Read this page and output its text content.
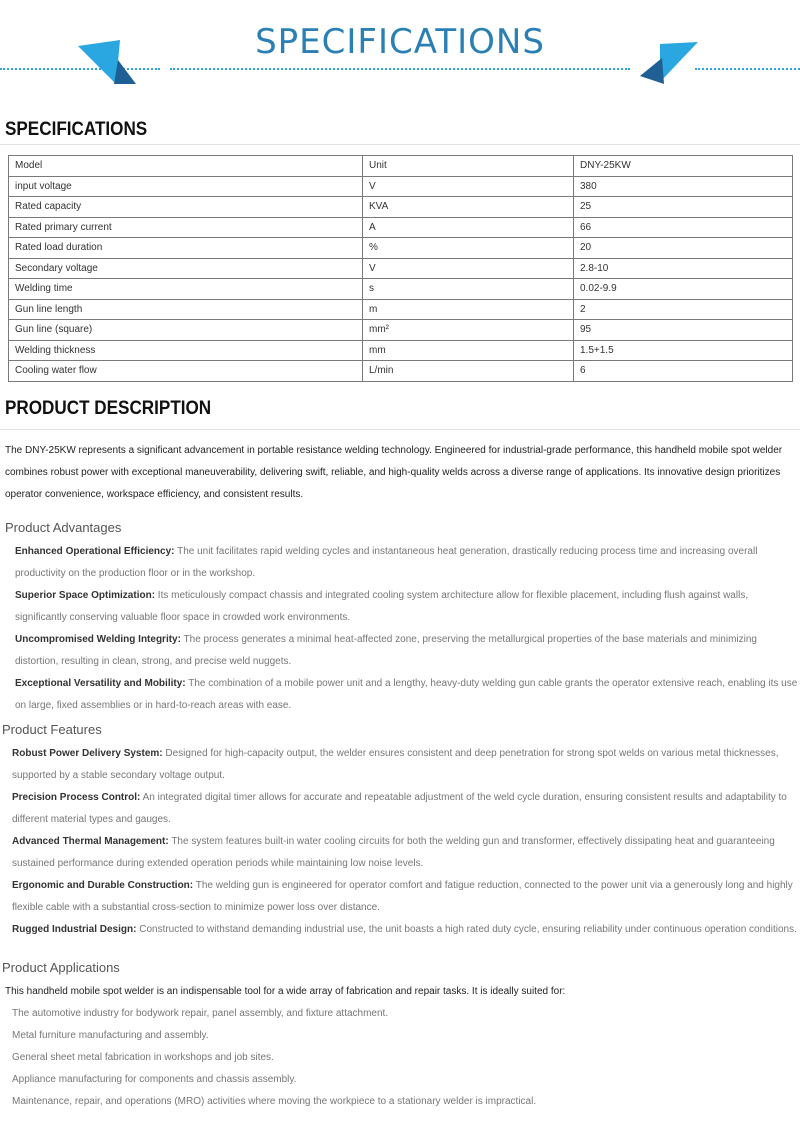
SPECIFICATIONS
SPECIFICATIONS
Model	Unit	DNY-25KW
input voltage	V	380
Rated capacity	KVA	25
Rated primary current	A	66
Rated load duration	%	20
Secondary voltage	V	2.8-10
Welding time	s	0.02-9.9
Gun line length	m	2
Gun line (square)	mm²	95
Welding thickness	mm	1.5+1.5
Cooling water flow	L/min	6
PRODUCT DESCRIPTION

The DNY-25KW represents a significant advancement in portable resistance welding technology. Engineered for industrial-grade performance, this handheld mobile spot welder combines robust power with exceptional maneuverability, delivering swift, reliable, and high-quality welds across a diverse range of applications. Its innovative design prioritizes operator convenience, workspace efficiency, and consistent results.

Product Advantages

Enhanced Operational Efficiency: The unit facilitates rapid welding cycles and instantaneous heat generation, drastically reducing process time and increasing overall productivity on the production floor or in the workshop.

Superior Space Optimization: Its meticulously compact chassis and integrated cooling system architecture allow for flexible placement, including flush against walls, significantly conserving valuable floor space in crowded work environments.

Uncompromised Welding Integrity: The process generates a minimal heat-affected zone, preserving the metallurgical properties of the base materials and minimizing distortion, resulting in clean, strong, and precise weld nuggets.

Exceptional Versatility and Mobility: The combination of a mobile power unit and a lengthy, heavy-duty welding gun cable grants the operator extensive reach, enabling its use on large, fixed assemblies or in hard-to-reach areas with ease.

Product Features

Robust Power Delivery System: Designed for high-capacity output, the welder ensures consistent and deep penetration for strong spot welds on various metal thicknesses, supported by a stable secondary voltage output.

Precision Process Control: An integrated digital timer allows for accurate and repeatable adjustment of the weld cycle duration, ensuring consistent results and adaptability to different material types and gauges.

Advanced Thermal Management: The system features built-in water cooling circuits for both the welding gun and transformer, effectively dissipating heat and guaranteeing sustained performance during extended operation periods while maintaining low noise levels.

Ergonomic and Durable Construction: The welding gun is engineered for operator comfort and fatigue reduction, connected to the power unit via a generously long and highly flexible cable with a substantial cross-section to minimize power loss over distance.

Rugged Industrial Design: Constructed to withstand demanding industrial use, the unit boasts a high rated duty cycle, ensuring reliability under continuous operation conditions.

Product Applications

This handheld mobile spot welder is an indispensable tool for a wide array of fabrication and repair tasks. It is ideally suited for:

The automotive industry for bodywork repair, panel assembly, and fixture attachment.

Metal furniture manufacturing and assembly.

General sheet metal fabrication in workshops and job sites.

Appliance manufacturing for components and chassis assembly.

Maintenance, repair, and operations (MRO) activities where moving the workpiece to a stationary welder is impractical.
